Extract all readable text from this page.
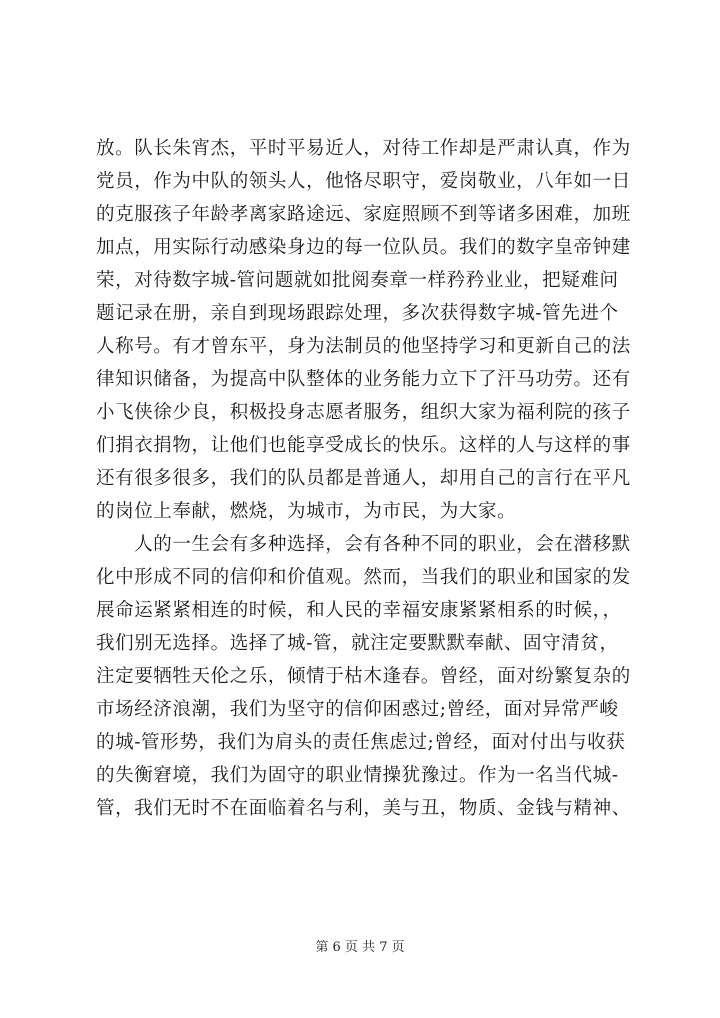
放。队长朱宵杰，平时平易近人，对待工作却是严肃认真，作为
党员，作为中队的领头人，他恪尽职守，爱岗敬业，八年如一日
的克服孩子年龄孝离家路途远、家庭照顾不到等诸多困难，加班
加点，用实际行动感染身边的每一位队员。我们的数字皇帝钟建
荣，对待数字城-管问题就如批阅奏章一样矜矜业业，把疑难问
题记录在册，亲自到现场跟踪处理，多次获得数字城-管先进个
人称号。有才曾东平，身为法制员的他坚持学习和更新自己的法
律知识储备，为提高中队整体的业务能力立下了汗马功劳。还有
小飞侠徐少良，积极投身志愿者服务，组织大家为福利院的孩子
们捐衣捐物，让他们也能享受成长的快乐。这样的人与这样的事
还有很多很多，我们的队员都是普通人，却用自己的言行在平凡
的岗位上奉献，燃烧，为城市，为市民，为大家。
　　人的一生会有多种选择，会有各种不同的职业，会在潜移默
化中形成不同的信仰和价值观。然而，当我们的职业和国家的发
展命运紧紧相连的时候，和人民的幸福安康紧紧相系的时候，，
我们别无选择。选择了城-管，就注定要默默奉献、固守清贫，
注定要牺牲天伦之乐，倾情于枯木逢春。曾经，面对纷繁复杂的
市场经济浪潮，我们为坚守的信仰困惑过;曾经，面对异常严峻
的城-管形势，我们为肩头的责任焦虑过;曾经，面对付出与收获
的失衡窘境，我们为固守的职业情操犹豫过。作为一名当代城-
管，我们无时不在面临着名与利，美与丑，物质、金钱与精神、
第 6 页 共 7 页
